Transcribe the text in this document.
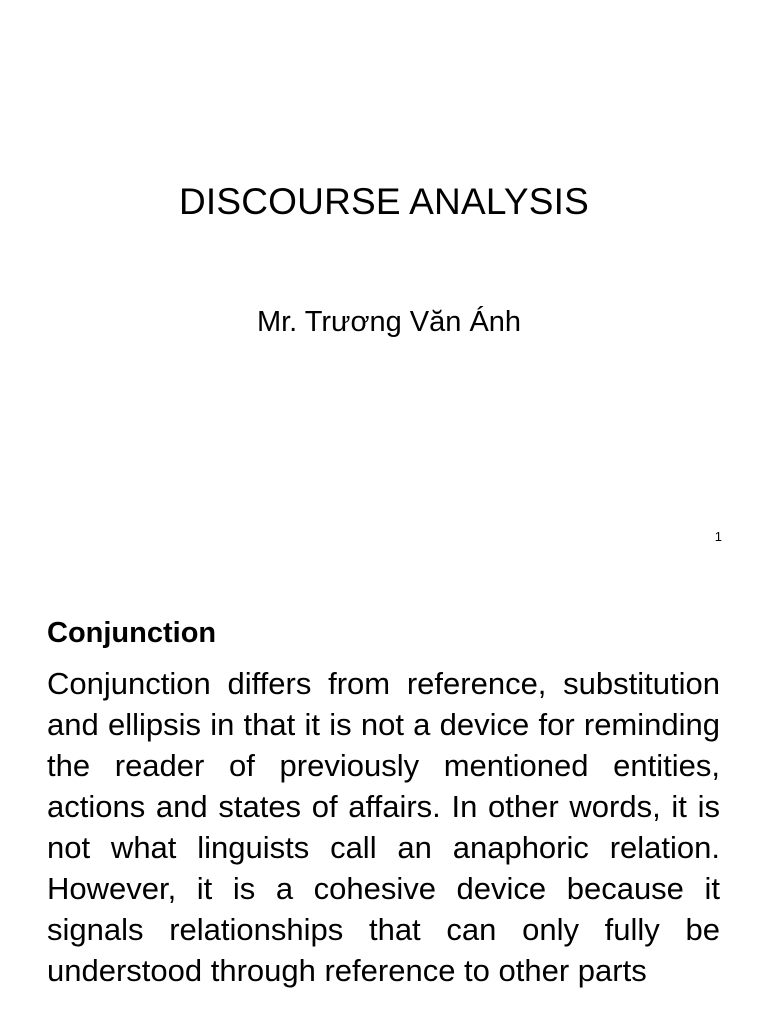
DISCOURSE ANALYSIS
Mr. Trương Văn Ánh
1
Conjunction

Conjunction differs from reference, substitution and ellipsis in that it is not a device for reminding the reader of previously mentioned entities, actions and states of affairs. In other words, it is not what linguists call an anaphoric relation. However, it is a cohesive device because it signals relationships that can only fully be understood through reference to other parts
